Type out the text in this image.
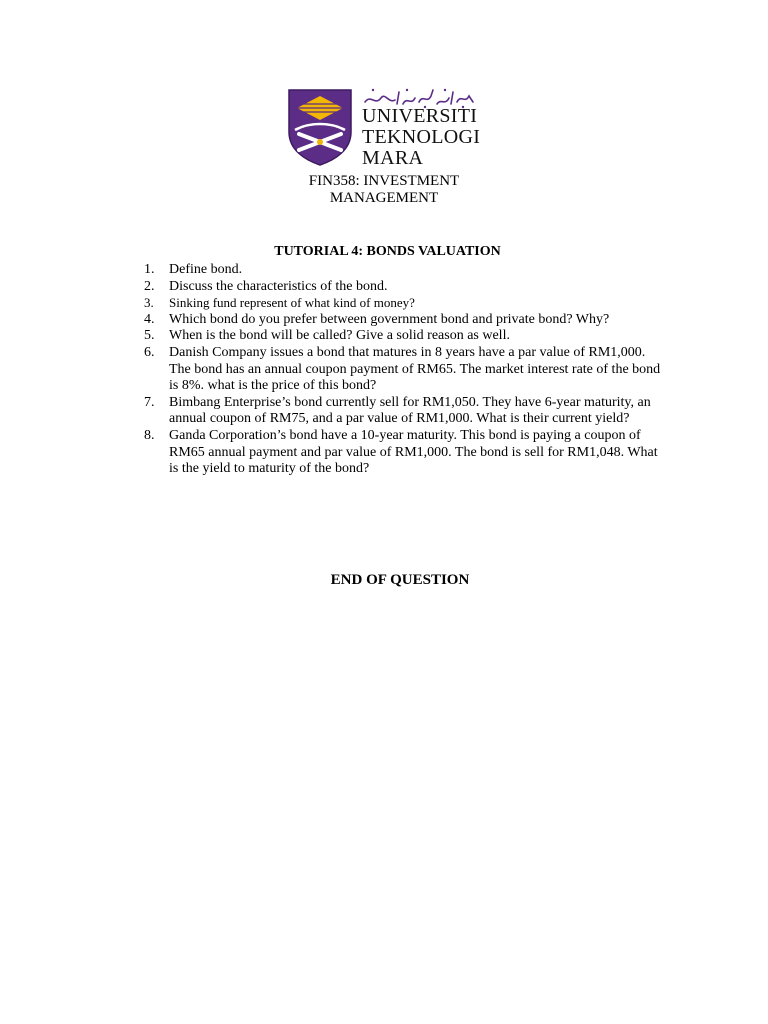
UNIVERSITI
TEKNOLOGI
MARA
FIN358: INVESTMENT
MANAGEMENT
TUTORIAL 4: BONDS VALUATION
1. Define bond.
2. Discuss the characteristics of the bond.
3. Sinking fund represent of what kind of money?
4. Which bond do you prefer between government bond and private bond? Why?
5. When is the bond will be called? Give a solid reason as well.
6. Danish Company issues a bond that matures in 8 years have a par value of RM1,000. The bond has an annual coupon payment of RM65. The market interest rate of the bond is 8%. what is the price of this bond?
7. Bimbang Enterprise’s bond currently sell for RM1,050. They have 6-year maturity, an annual coupon of RM75, and a par value of RM1,000. What is their current yield?
8. Ganda Corporation’s bond have a 10-year maturity. This bond is paying a coupon of RM65 annual payment and par value of RM1,000. The bond is sell for RM1,048. What is the yield to maturity of the bond?
END OF QUESTION
